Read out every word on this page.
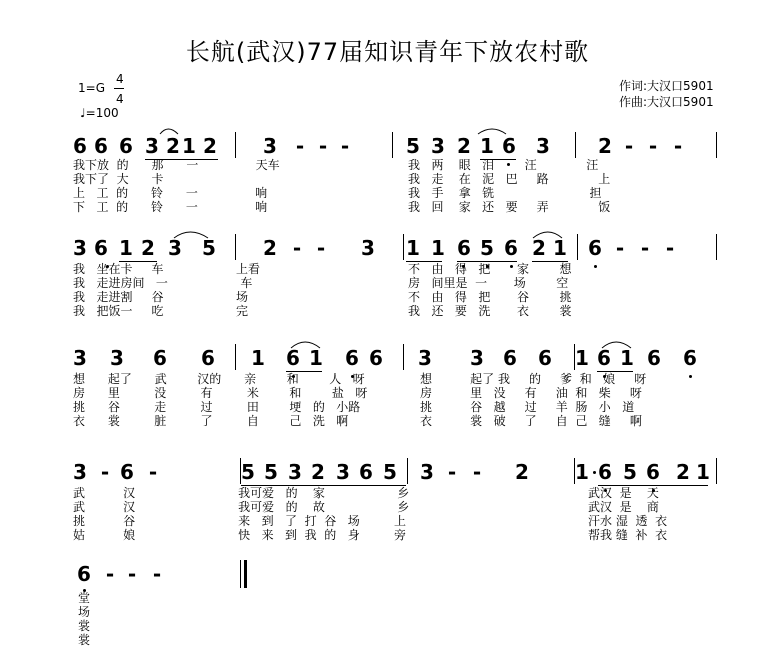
长航(武汉)77届知识青年下放农村歌
1=G
4
4
♩=100
作词:大汉口5901
作曲:大汉口5901
6 6 6 3 2 1 2 3 - - -	5 3 2 1 6 3 2 - - -
我下放  的      那      一               天车
我下了  大      卡
上   工  的      铃      一               响
下   工  的      铃      一               响
我   两    眼   泪        汪             汪
我   走    在   泥   巴     路             上
我   手    拿   铣                         担
我   回    家   还   要     弄             饭
3 6 1 2 3 5 2 - - 3 1 1 6 5 6 2 1 6 - - -
我   坐在卡     车                   上看
我   走进房间   一                   车
我   走进割     谷                   场
我   把饭一     吃                   完
不   由   得   把       家        想
房   间里是  一       场        空
不   由   得   把       谷        挑
我   还   要   洗       衣        裳
3 3 6 6 1 6 1 6 6 3 3 6 6 1 6 1 6 6
想      起了      武        汉的      亲        和        人   呀
房      里         没         有         米        和        盐   呀
挑      谷         走         过         田        埂   的   小路
衣      裳         脏         了         自        己   洗   啊
想          起了 我     的     爹  和   娘     呀
房          里   没     有     油  和   柴     呀
挑          谷   越     过     羊  肠   小   道
衣          裳   破     了     自  己   缝     啊
3 - 6 -	5 5 3 2 3 6 5 3 - - 2 1 6 5 6 2 1
武          汉                           我可爱   的    家                   乡
武          汉                           我可爱   的    故                   乡
挑          谷                           来   到   了  打  谷   场         上
姑          娘                           快   来   到  我  的   身         旁
武汉  是    天
武汉  是    商
汗水 湿  透  衣
帮我 缝  补  衣
6 - - -
堂
场
裳
裳
